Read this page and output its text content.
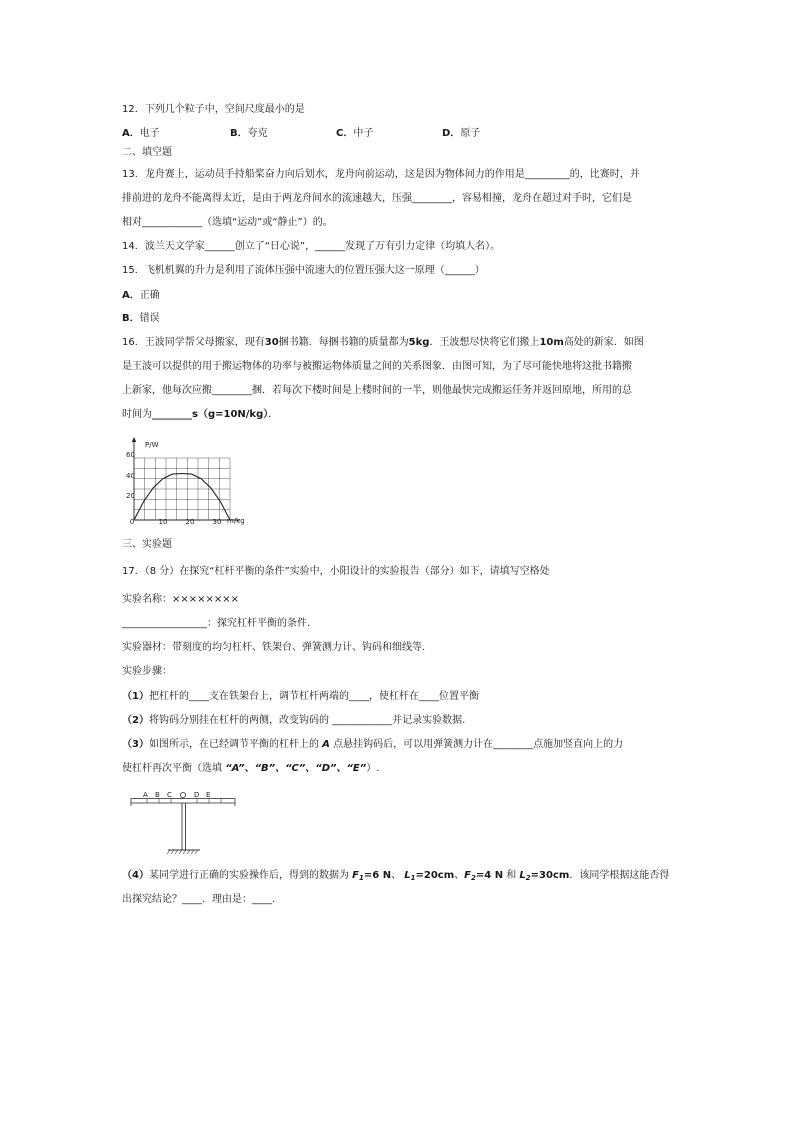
12．下列几个粒子中，空间尺度最小的是
A．电子	B．夸克	C．中子	D．原子
二、填空题
13．龙舟赛上，运动员手持船桨奋力向后划水，龙舟向前运动，这是因为物体间力的作用是_________的，比赛时，并
排前进的龙舟不能离得太近，是由于两龙舟间水的流速越大，压强________，容易相撞，龙舟在超过对手时，它们是
相对____________（选填“运动”或“静止”）的。
14．波兰天文学家______创立了“日心说”，______发现了万有引力定律（均填人名）。
15．飞机机翼的升力是利用了流体压强中流速大的位置压强大这一原理（______）
A．正确
B．错误
16．王波同学帮父母搬家，现有30捆书籍．每捆书籍的质量都为5kg．王波想尽快将它们搬上10m高处的新家．如图
是王波可以提供的用于搬运物体的功率与被搬运物体质量之间的关系图象．由图可知，为了尽可能快地将这批书籍搬
上新家，他每次应搬________捆．若每次下楼时间是上楼时间的一半，则他最快完成搬运任务并返回原地，所用的总
时间为________s（g=10N/kg）．
P/W
m/kg
0	10	20	30
20
40
60
三、实验题
17．（8 分）在探究“杠杆平衡的条件”实验中，小阳设计的实验报告（部分）如下，请填写空格处
实验名称：××××××××
_________________：探究杠杆平衡的条件.
实验器材：带刻度的均匀杠杆、铁架台、弹簧测力计、钩码和细线等.
实验步骤：
（1）把杠杆的____支在铁架台上，调节杠杆两端的____，使杠杆在____位置平衡
（2）将钩码分别挂在杠杆的两侧，改变钩码的 ____________并记录实验数据.
（3）如图所示，在已经调节平衡的杠杆上的 A 点悬挂钩码后，可以用弹簧测力计在________点施加竖直向上的力
使杠杆再次平衡（选填 “A”、“B”、“C”、“D”、“E”）.
A B C	D E
（4）某同学进行正确的实验操作后，得到的数据为 $F_1=6$ N、 $L_1=20cm$、$F_2=4$ N 和 $L_2=30cm$．该同学根据这能否得
出探究结论？____．理由是：____.
